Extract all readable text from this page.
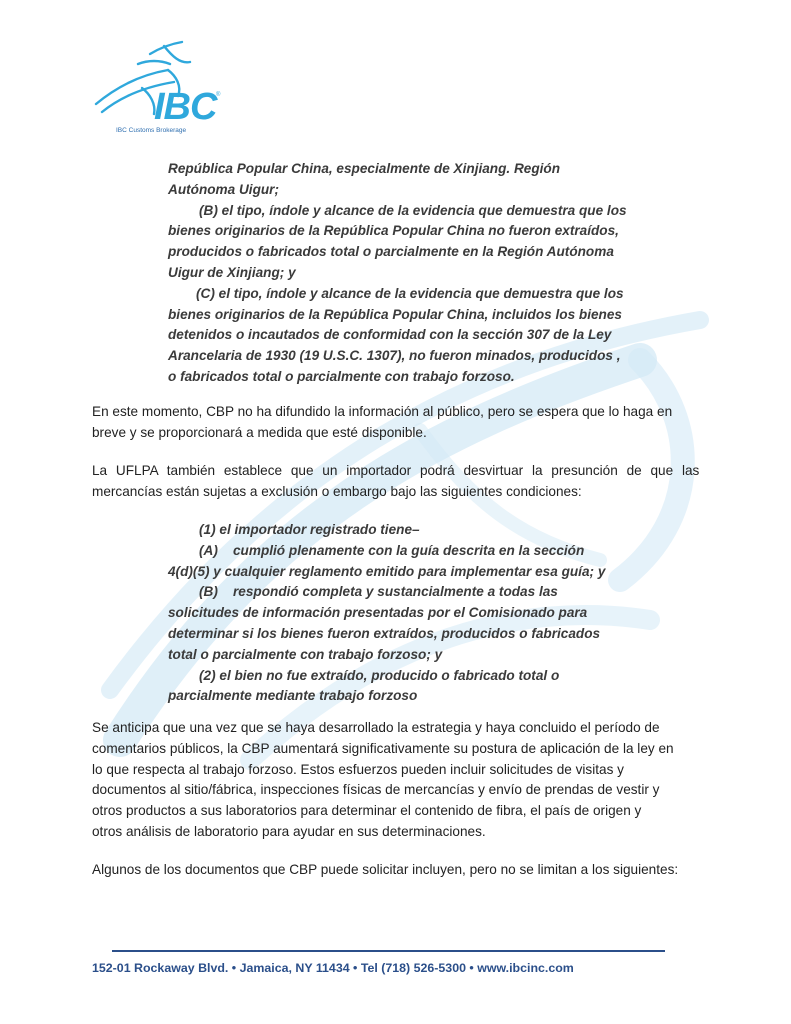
IBC ®
IBC Customs Brokerage
República Popular China, especialmente de Xinjiang. Región
Autónoma Uigur;
(B) el tipo, índole y alcance de la evidencia que demuestra que los
bienes originarios de la República Popular China no fueron extraídos,
producidos o fabricados total o parcialmente en la Región Autónoma
Uigur de Xinjiang; y
(C) el tipo, índole y alcance de la evidencia que demuestra que los
bienes originarios de la República Popular China, incluidos los bienes
detenidos o incautados de conformidad con la sección 307 de la Ley
Arancelaria de 1930 (19 U.S.C. 1307), no fueron minados, producidos ,
o fabricados total o parcialmente con trabajo forzoso.
En este momento, CBP no ha difundido la información al público, pero se espera que lo haga en
breve y se proporcionará a medida que esté disponible.
La UFLPA también establece que un importador podrá desvirtuar la presunción de que las
mercancías están sujetas a exclusión o embargo bajo las siguientes condiciones:
(1) el importador registrado tiene–
(A) cumplió plenamente con la guía descrita en la sección
4(d)(5) y cualquier reglamento emitido para implementar esa guía; y
(B) respondió completa y sustancialmente a todas las
solicitudes de información presentadas por el Comisionado para
determinar si los bienes fueron extraídos, producidos o fabricados
total o parcialmente con trabajo forzoso; y
(2) el bien no fue extraído, producido o fabricado total o
parcialmente mediante trabajo forzoso
Se anticipa que una vez que se haya desarrollado la estrategia y haya concluido el período de
comentarios públicos, la CBP aumentará significativamente su postura de aplicación de la ley en
lo que respecta al trabajo forzoso. Estos esfuerzos pueden incluir solicitudes de visitas y
documentos al sitio/fábrica, inspecciones físicas de mercancías y envío de prendas de vestir y
otros productos a sus laboratorios para determinar el contenido de fibra, el país de origen y
otros análisis de laboratorio para ayudar en sus determinaciones.
Algunos de los documentos que CBP puede solicitar incluyen, pero no se limitan a los siguientes:
152-01 Rockaway Blvd. • Jamaica, NY 11434 • Tel (718) 526-5300 • www.ibcinc.com
